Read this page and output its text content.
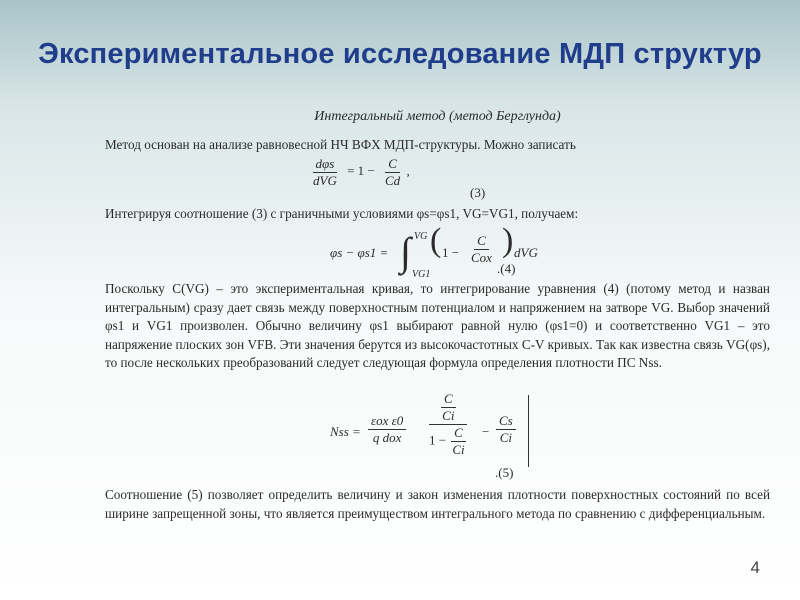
Экспериментальное исследование МДП структур
Интегральный метод (метод Берглунда)
Метод основан на анализе равновесной НЧ ВФХ МДП-структуры. Можно записать
$\frac{\text{dφs}}{\text{dVG}} = 1 - \frac{C}{Cd}$ ,
(3)
Интегрируя соотношение (3) с граничными условиями φs=φs1, VG=VG1, получаем:
φs − φs1 = ∫ VG
VG1
( 1 −
C
Cox ) dVG
.(4)
Поскольку C(VG) – это экспериментальная кривая, то интегрирование уравнения (4) (потому метод и назван интегральным) сразу дает связь между поверхностным потенциалом и напряжением на затворе VG. Выбор значений φs1 и VG1 произволен. Обычно величину φs1 выбирают равной нулю (φs1=0) и соответственно VG1 – это напряжение плоских зон VFB. Эти значения берутся из высокочастотных C-V кривых. Так как известна связь VG(φs), то после нескольких преобразований следует следующая формула определения плотности ПС Nss.
Nss =
εox ε0
q dox $\frac{\frac{C}{Ci}}{1 - \frac{C}{Ci}} - \frac{Cs}{Ci}$
.(5)
Соотношение (5) позволяет определить величину и закон изменения плотности поверхностных состояний по всей ширине запрещенной зоны, что является преимуществом интегрального метода по сравнению с дифференциальным.
4
